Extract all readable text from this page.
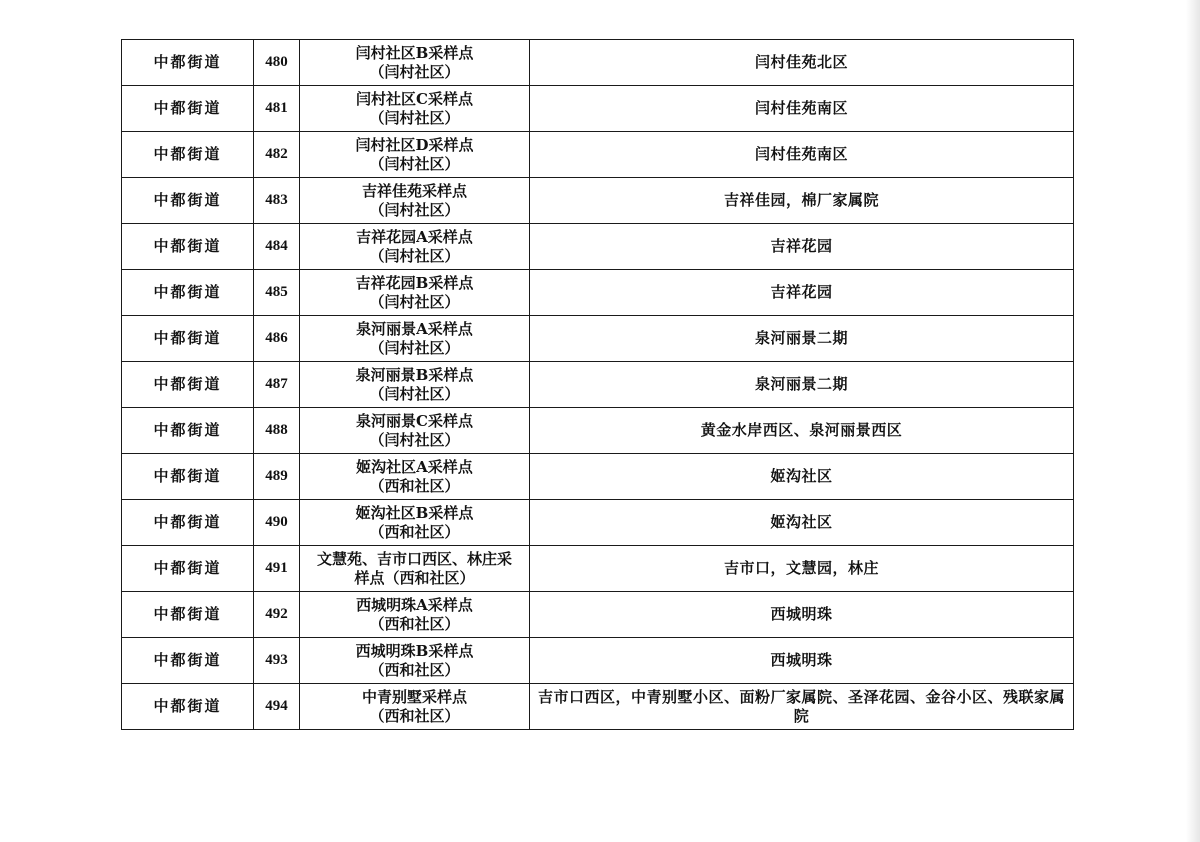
中都街道	480	闫村社区B采样点
（闫村社区）	闫村佳苑北区
中都街道	481	闫村社区C采样点
（闫村社区）	闫村佳苑南区
中都街道	482	闫村社区D采样点
（闫村社区）	闫村佳苑南区
中都街道	483	吉祥佳苑采样点
（闫村社区）	吉祥佳园，棉厂家属院
中都街道	484	吉祥花园A采样点
（闫村社区）	吉祥花园
中都街道	485	吉祥花园B采样点
（闫村社区）	吉祥花园
中都街道	486	泉河丽景A采样点
（闫村社区）	泉河丽景二期
中都街道	487	泉河丽景B采样点
（闫村社区）	泉河丽景二期
中都街道	488	泉河丽景C采样点
（闫村社区）	黄金水岸西区、泉河丽景西区
中都街道	489	姬沟社区A采样点
（西和社区）	姬沟社区
中都街道	490	姬沟社区B采样点
（西和社区）	姬沟社区
中都街道	491	文慧苑、吉市口西区、林庄采
样点（西和社区）	吉市口，文慧园，林庄
中都街道	492	西城明珠A采样点
（西和社区）	西城明珠
中都街道	493	西城明珠B采样点
（西和社区）	西城明珠
中都街道	494	中青别墅采样点
（西和社区）	吉市口西区，中青别墅小区、面粉厂家属院、圣泽花园、金谷小区、残联家属院
